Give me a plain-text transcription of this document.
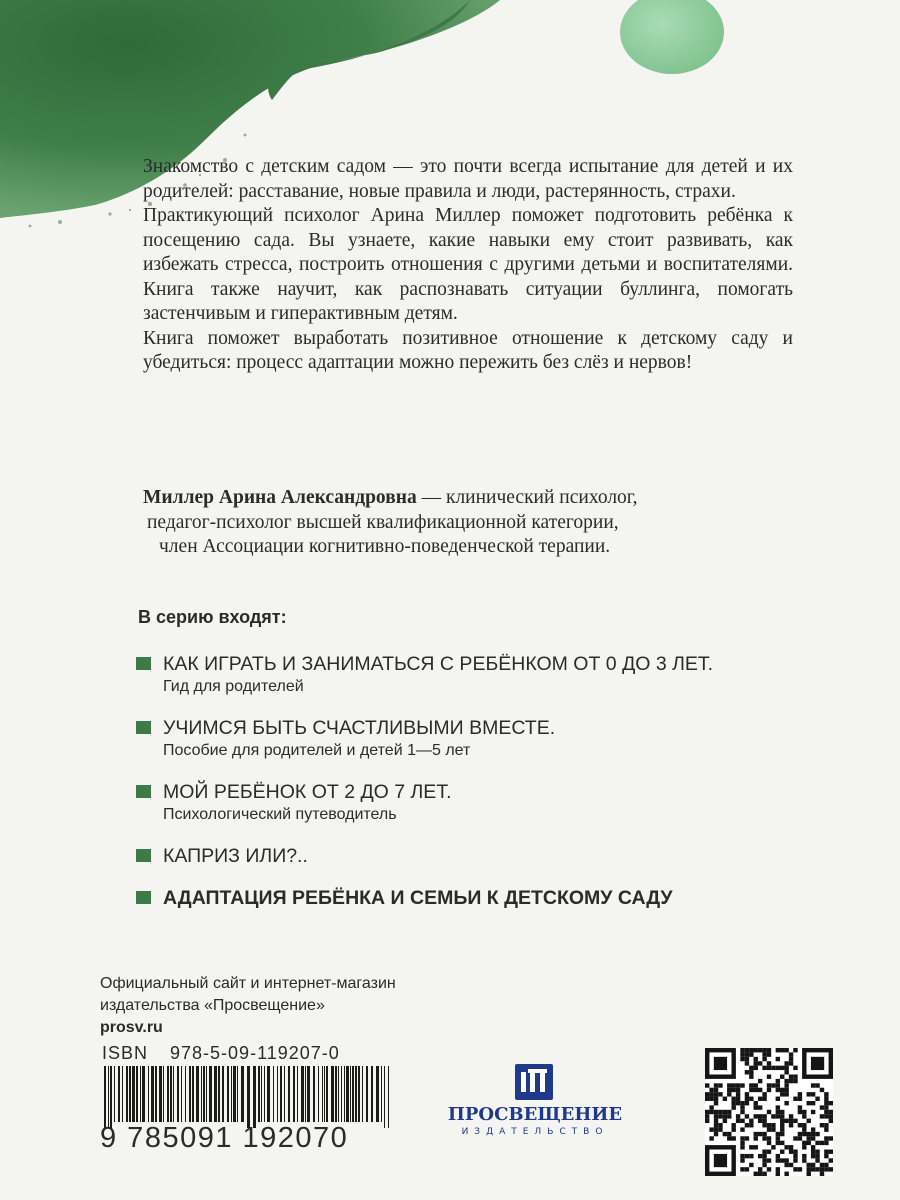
Знакомство с детским садом — это почти всегда испытание для детей и их родителей: расставание, новые правила и люди, растерянность, страхи.

Практикующий психолог Арина Миллер поможет подготовить ребёнка к посещению сада. Вы узнаете, какие навыки ему стоит развивать, как избежать стресса, построить отношения с другими детьми и воспитателями. Книга также научит, как распознавать ситуации буллинга, помогать застенчивым и гиперактивным детям.

Книга поможет выработать позитивное отношение к детскому саду и убедиться: процесс адаптации можно пережить без слёз и нервов!

Миллер Арина Александровна — клинический психолог,
педагог-психолог высшей квалификационной категории,
член Ассоциации когнитивно-поведенческой терапии.

В серию входят:
КАК ИГРАТЬ И ЗАНИМАТЬСЯ С РЕБЁНКОМ ОТ 0 ДО 3 ЛЕТ.
Гид для родителей
УЧИМСЯ БЫТЬ СЧАСТЛИВЫМИ ВМЕСТЕ.
Пособие для родителей и детей 1—5 лет
МОЙ РЕБЁНОК ОТ 2 ДО 7 ЛЕТ.
Психологический путеводитель
КАПРИЗ ИЛИ?..
АДАПТАЦИЯ РЕБЁНКА И СЕМЬИ К ДЕТСКОМУ САДУ
Официальный сайт и интернет-магазин
издательства «Просвещение»
prosv.ru
ISBN 978-5-09-119207-0
9 785091 192070
ПРОСВЕЩЕНИЕ
ИЗДАТЕЛЬСТВО
